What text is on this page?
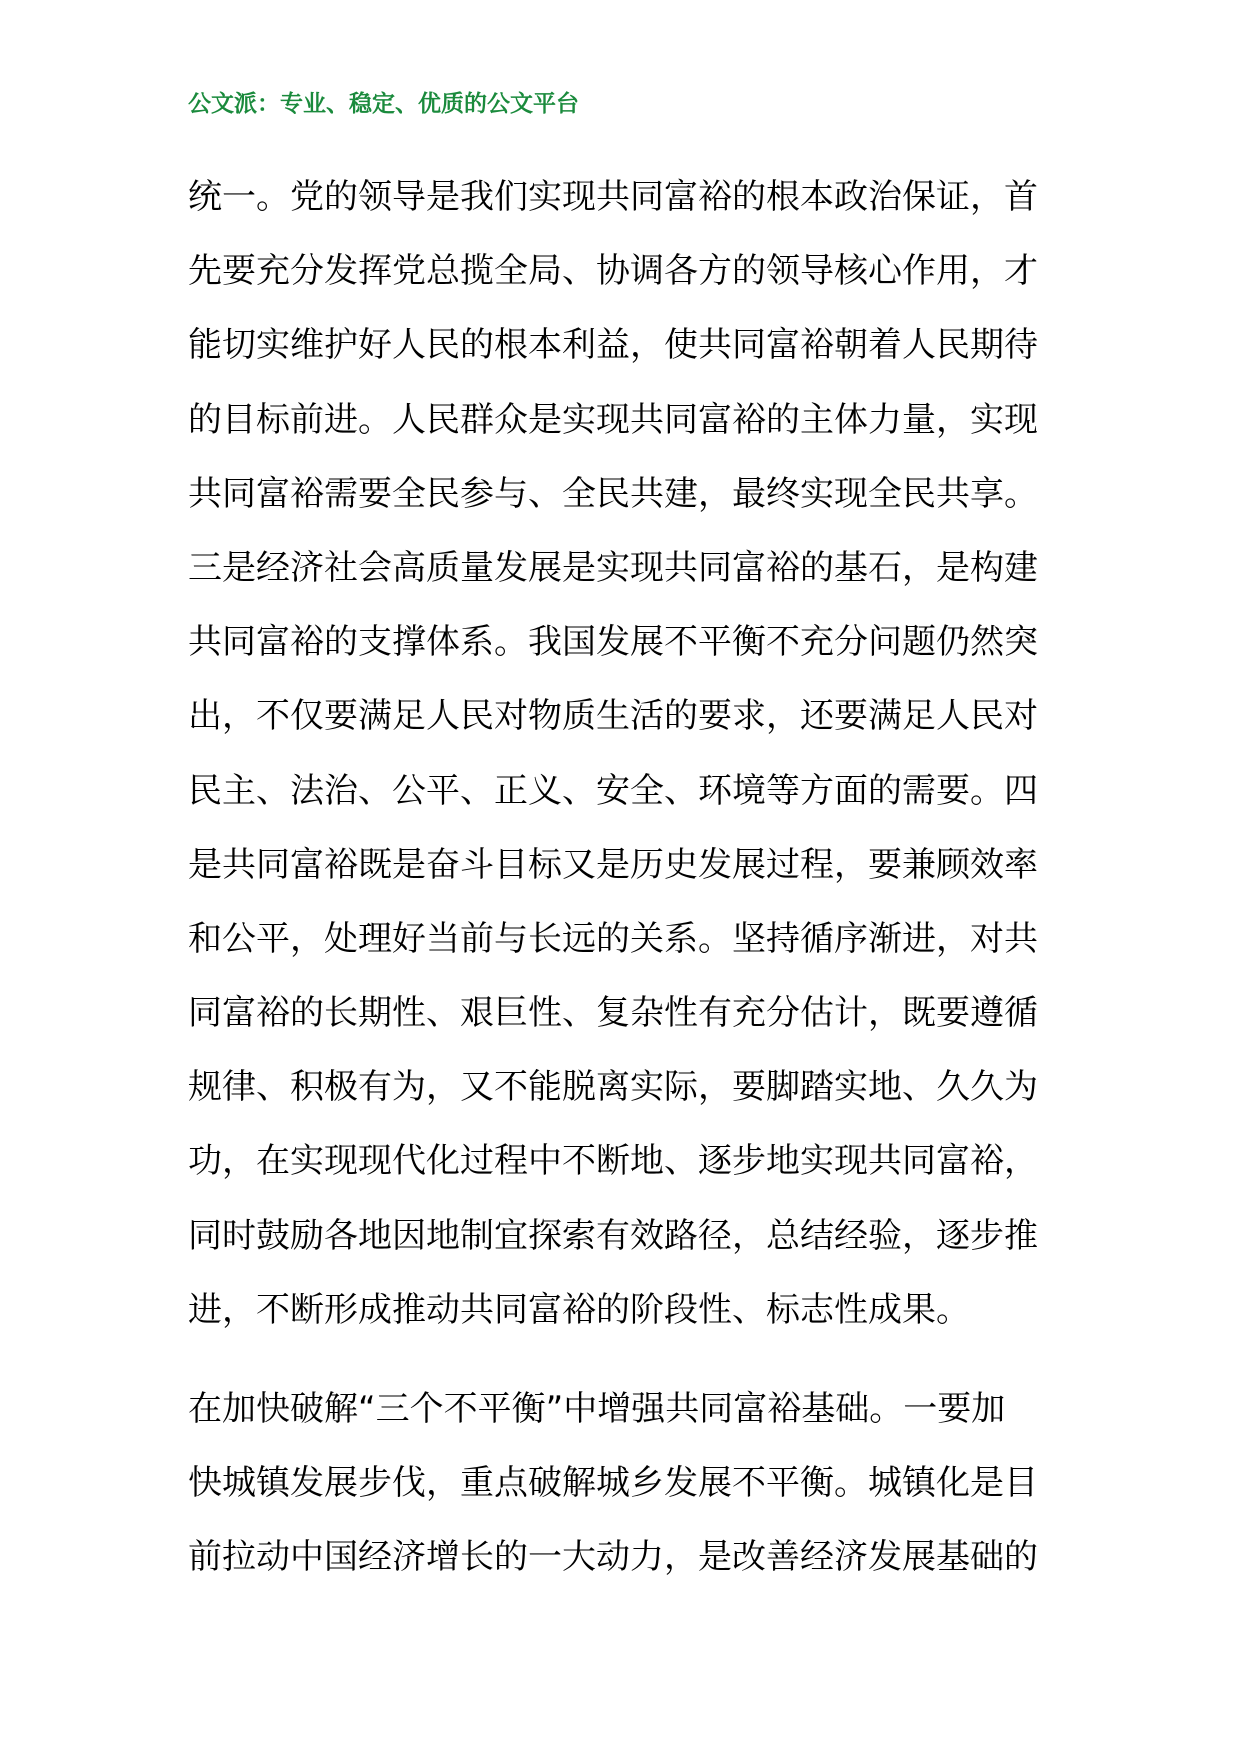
公文派：专业、稳定、优质的公文平台
统一。党的领导是我们实现共同富裕的根本政治保证，首
先要充分发挥党总揽全局、协调各方的领导核心作用，才
能切实维护好人民的根本利益，使共同富裕朝着人民期待
的目标前进。人民群众是实现共同富裕的主体力量，实现
共同富裕需要全民参与、全民共建，最终实现全民共享。
三是经济社会高质量发展是实现共同富裕的基石，是构建
共同富裕的支撑体系。我国发展不平衡不充分问题仍然突
出，不仅要满足人民对物质生活的要求，还要满足人民对
民主、法治、公平、正义、安全、环境等方面的需要。四
是共同富裕既是奋斗目标又是历史发展过程，要兼顾效率
和公平，处理好当前与长远的关系。坚持循序渐进，对共
同富裕的长期性、艰巨性、复杂性有充分估计，既要遵循
规律、积极有为，又不能脱离实际，要脚踏实地、久久为
功，在实现现代化过程中不断地、逐步地实现共同富裕，
同时鼓励各地因地制宜探索有效路径，总结经验，逐步推
进，不断形成推动共同富裕的阶段性、标志性成果。
在加快破解“三个不平衡”中增强共同富裕基础。一要加
快城镇发展步伐，重点破解城乡发展不平衡。城镇化是目
前拉动中国经济增长的一大动力，是改善经济发展基础的
